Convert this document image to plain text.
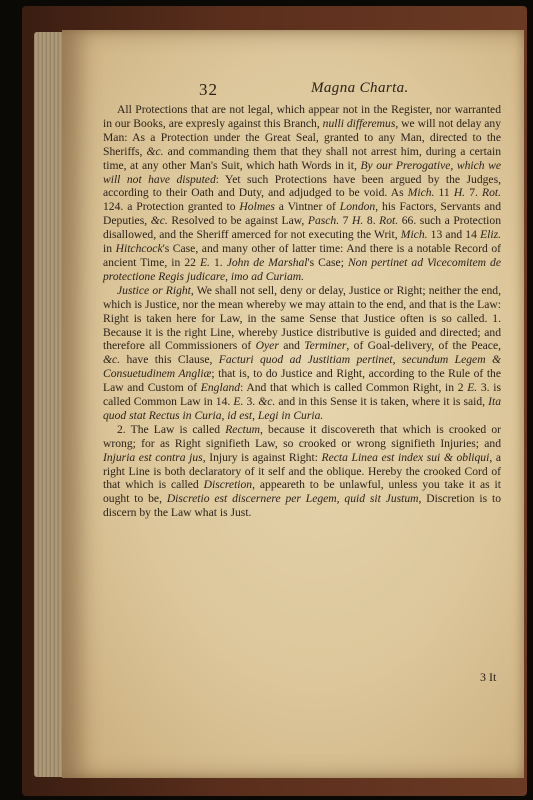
32	Magna Charta.

All Protections that are not legal, which appear not in the Register, nor warranted in our Books, are expresly against this Branch, nulli differemus, we will not delay any Man: As a Protection under the Great Seal, granted to any Man, directed to the Sheriffs, &c. and commanding them that they shall not arrest him, during a certain time, at any other Man's Suit, which hath Words in it, By our Prerogative, which we will not have disputed: Yet such Protections have been argued by the Judges, according to their Oath and Duty, and adjudged to be void. As Mich. 11 H. 7. Rot. 124. a Protection granted to Holmes a Vintner of London, his Factors, Servants and Deputies, &c. Resolved to be against Law, Pasch. 7 H. 8. Rot. 66. such a Protection disallowed, and the Sheriff amerced for not executing the Writ, Mich. 13 and 14 Eliz. in Hitchcock's Case, and many other of latter time: And there is a notable Record of ancient Time, in 22 E. 1. John de Marshal's Case; Non pertinet ad Vicecomitem de protectione Regis judicare, imo ad Curiam.

Justice or Right, We shall not sell, deny or delay, Justice or Right; neither the end, which is Justice, nor the mean whereby we may attain to the end, and that is the Law: Right is taken here for Law, in the same Sense that Justice often is so called. 1. Because it is the right Line, whereby Justice distributive is guided and directed; and therefore all Commissioners of Oyer and Terminer, of Goal-delivery, of the Peace, &c. have this Clause, Facturi quod ad Justitiam pertinet, secundum Legem & Consuetudinem Angliæ; that is, to do Justice and Right, according to the Rule of the Law and Custom of England: And that which is called Common Right, in 2 E. 3. is called Common Law in 14. E. 3. &c. and in this Sense it is taken, where it is said, Ita quod stat Rectus in Curia, id est, Legi in Curia.

2. The Law is called Rectum, because it discovereth that which is crooked or wrong; for as Right signifieth Law, so crooked or wrong signifieth Injuries; and Injuria est contra jus, Injury is against Right: Recta Linea est index sui & obliqui, a right Line is both declaratory of it self and the oblique. Hereby the crooked Cord of that which is called Discretion, appeareth to be unlawful, unless you take it as it ought to be, Discretio est discernere per Legem, quid sit Justum, Discretion is to discern by the Law what is Just.

3 It
